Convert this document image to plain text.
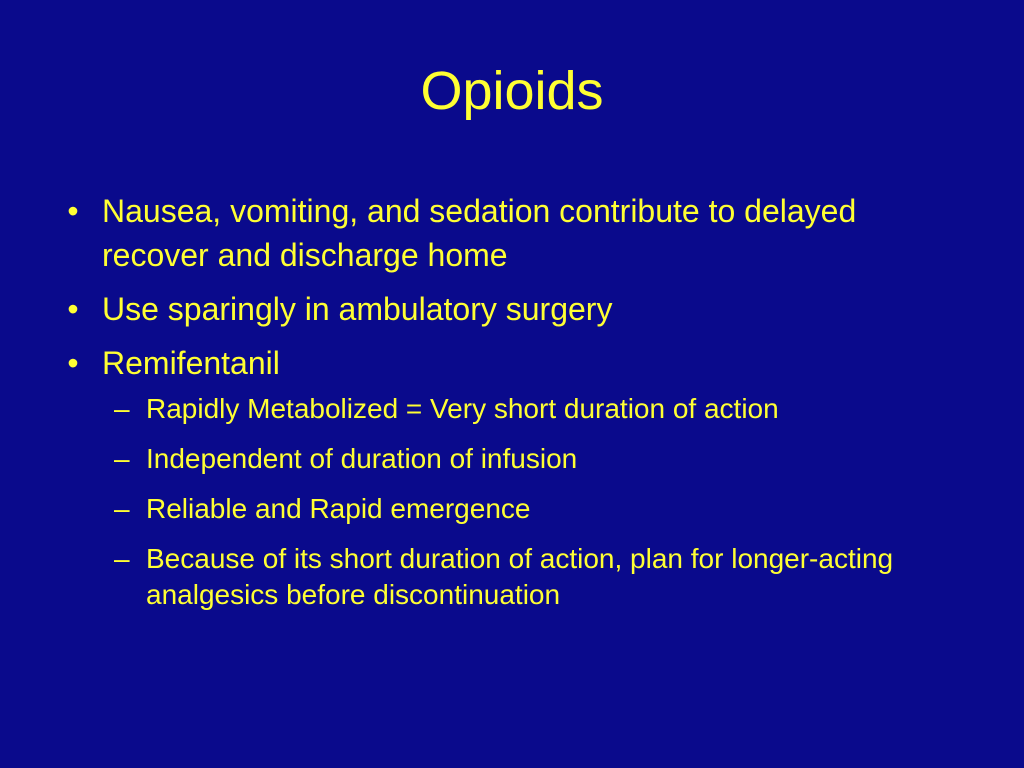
Opioids
• Nausea, vomiting, and sedation contribute to delayed recover and discharge home
• Use sparingly in ambulatory surgery
• Remifentanil
– Rapidly Metabolized = Very short duration of action
– Independent of duration of infusion
– Reliable and Rapid emergence
– Because of its short duration of action, plan for longer-acting analgesics before discontinuation
